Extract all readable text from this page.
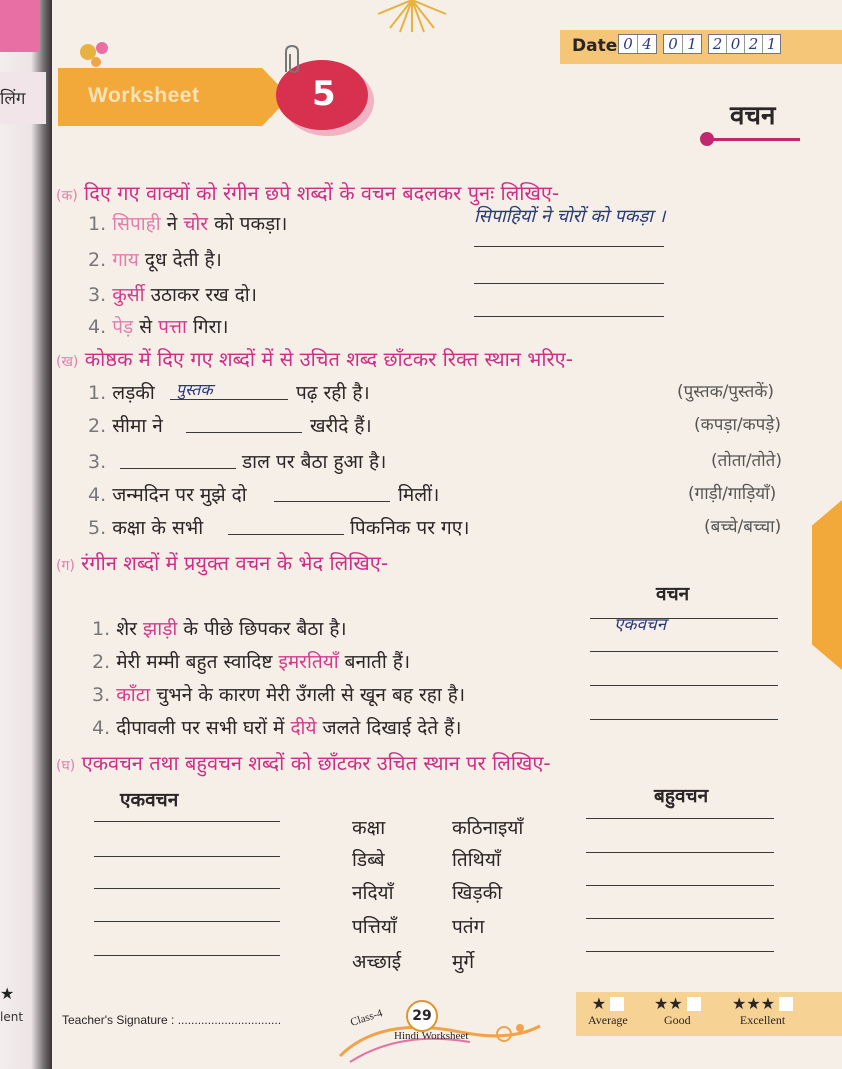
लिंग
lent
★
Date 0 4 0 1 2 0 2 1
Worksheet	5
वचन
(क) दिए गए वाक्यों को रंगीन छपे शब्दों के वचन बदलकर पुनः लिखिए-
1. सिपाही ने चोर को पकड़ा।	सिपाहियों ने चोरों को पकड़ा ।
2. गाय दूध देती है।
3. कुर्सी उठाकर रख दो।
4. पेड़ से पत्ता गिरा।
(ख) कोष्ठक में दिए गए शब्दों में से उचित शब्द छाँटकर रिक्त स्थान भरिए-
1. लड़की पुस्तक	पढ़ रही है।	(पुस्तक/पुस्तकें)
2. सीमा ने	खरीदे हैं।	(कपड़ा/कपड़े)
3.	डाल पर बैठा हुआ है।	(तोता/तोते)
4. जन्मदिन पर मुझे दो	मिलीं।	(गाड़ी/गाड़ियाँ)
5. कक्षा के सभी	पिकनिक पर गए।	(बच्चे/बच्चा)
(ग) रंगीन शब्दों में प्रयुक्त वचन के भेद लिखिए-
वचन
1. शेर झाड़ी के पीछे छिपकर बैठा है।	एकवचन
2. मेरी मम्मी बहुत स्वादिष्ट इमरतियाँ बनाती हैं।
3. काँटा चुभने के कारण मेरी उँगली से खून बह रहा है।
4. दीपावली पर सभी घरों में दीये जलते दिखाई देते हैं।
(घ) एकवचन तथा बहुवचन शब्दों को छाँटकर उचित स्थान पर लिखिए-
एकवचन	बहुवचन
कक्षा	कठिनाइयाँ
डिब्बे	तिथियाँ
नदियाँ	खिड़की
पत्तियाँ	पतंग
अच्छाई	मुर्गे
Teacher's Signature : ...............................	Class-4	29
Hindi Worksheet
★
Average
★★
Good
★★★
Excellent
